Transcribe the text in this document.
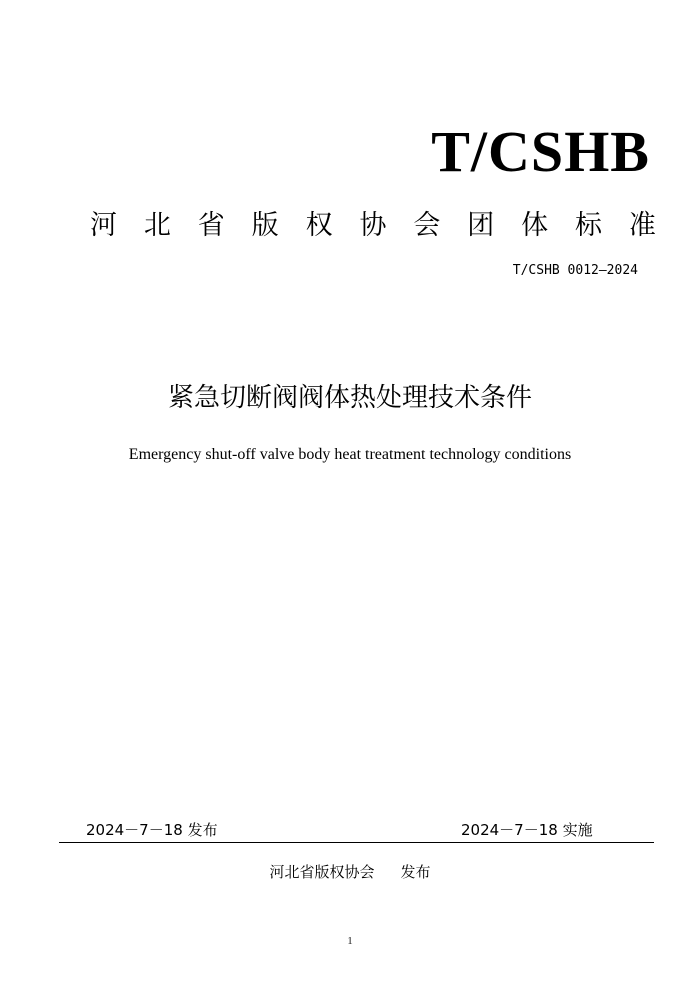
T/CSHB
河 北 省 版 权 协 会 团 体 标 准
T/CSHB 0012—2024
紧急切断阀阀体热处理技术条件
Emergency shut-off valve body heat treatment technology conditions
2024－7－18 发布	2024－7－18 实施
河北省版权协会 发布
1
